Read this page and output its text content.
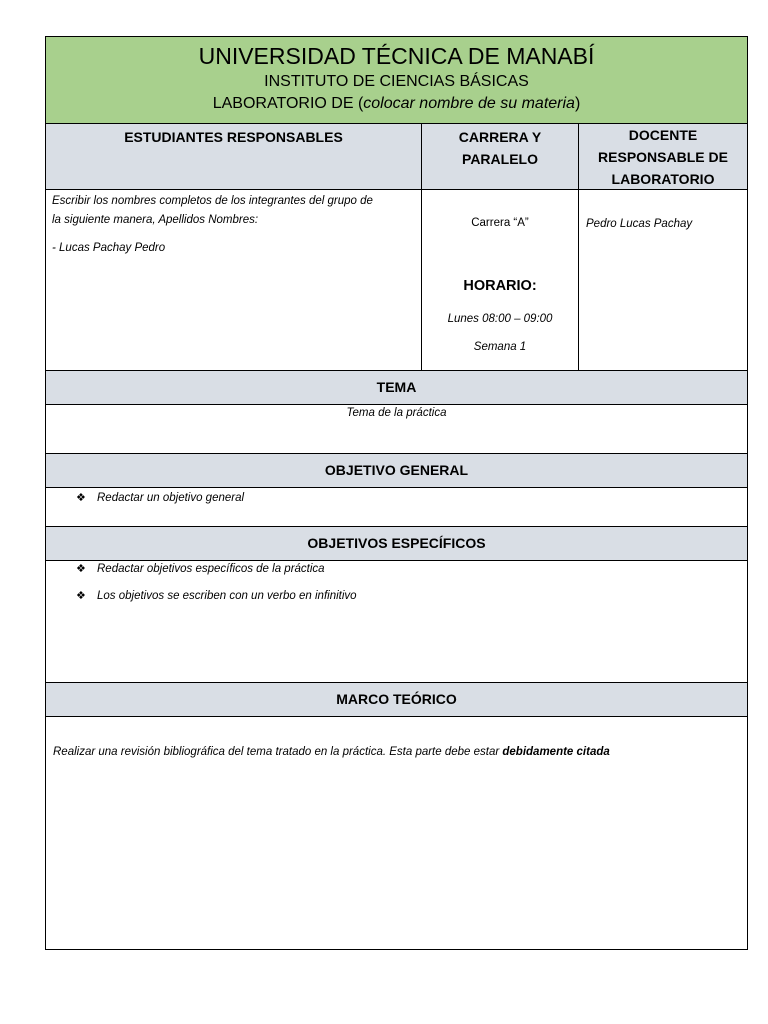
UNIVERSIDAD TÉCNICA DE MANABÍ
INSTITUTO DE CIENCIAS BÁSICAS
LABORATORIO DE (colocar nombre de su materia)
ESTUDIANTES RESPONSABLES	CARRERA Y
PARALELO
DOCENTE
RESPONSABLE DE
LABORATORIO
Escribir los nombres completos de los integrantes del grupo de
la siguiente manera, Apellidos Nombres:
- Lucas Pachay Pedro
Carrera “A”
HORARIO:
Lunes 08:00 – 09:00
Semana 1
Pedro Lucas Pachay
TEMA
Tema de la práctica
OBJETIVO GENERAL
❖ Redactar un objetivo general
OBJETIVOS ESPECÍFICOS
❖ Redactar objetivos específicos de la práctica
❖ Los objetivos se escriben con un verbo en infinitivo
MARCO TEÓRICO
Realizar una revisión bibliográfica del tema tratado en la práctica. Esta parte debe estar debidamente citada
